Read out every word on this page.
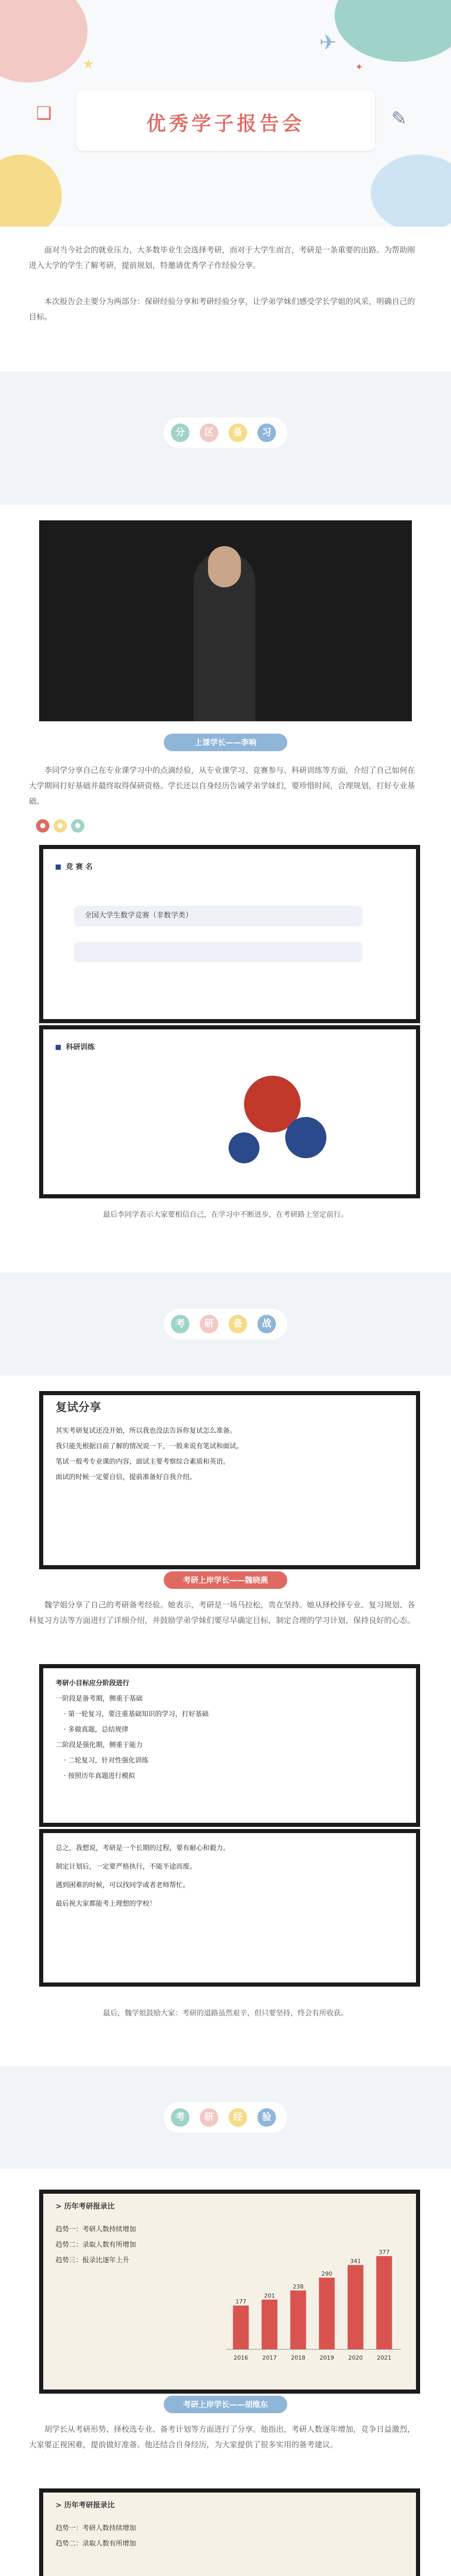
★	✦
✈
✎
❑	优秀学子报告会

面对当今社会的就业压力，大多数毕业生会选择考研，而对于大学生而言，考研是一条重要的出路。为帮助刚进入大学的学生了解考研，提前规划，特邀请优秀学子作经验分享。

本次报告会主要分为两部分：保研经验分享和考研经验分享，让学弟学妹们感受学长学姐的风采，明确自己的目标。

分	区	备	习
上课学长——李响

李同学分享自己在专业课学习中的点滴经验，从专业课学习、竞赛参与、科研训练等方面，介绍了自己如何在大学期间打好基础并最终取得保研资格。学长还以自身经历告诫学弟学妹们，要珍惜时间，合理规划，打好专业基础。

●	●	●
竞 赛 名
全国大学生数学竞赛（非数学类）
科研训练

最后李同学表示大家要相信自己，在学习中不断进步，在考研路上坚定前行。

考	研	备	战
复试分享
其实考研复试还没开始，所以我也没法告诉你复试怎么准备。
我只能先根据目前了解的情况说一下，一般来说有笔试和面试。
笔试一般考专业课的内容，面试主要考察综合素质和英语。
面试的时候一定要自信，提前准备好自我介绍。
考研上岸学长——魏晓燕

魏学姐分享了自己的考研备考经验。她表示，考研是一场马拉松，贵在坚持。她从择校择专业、复习规划、各科复习方法等方面进行了详细介绍，并鼓励学弟学妹们要尽早确定目标，制定合理的学习计划，保持良好的心态。

考研小目标应分阶段进行
一阶段是备考期，侧重于基础
· 第一轮复习，要注重基础知识的学习，打好基础
· 多做真题，总结规律
二阶段是强化期，侧重于能力
· 二轮复习，针对性强化训练
· 按照历年真题进行模拟
总之，我想说，考研是一个长期的过程，要有耐心和毅力。
制定计划后，一定要严格执行，不能半途而废。
遇到困难的时候，可以找同学或者老师帮忙。
最后祝大家都能考上理想的学校！

最后，魏学姐鼓励大家：考研的道路虽然艰辛，但只要坚持，终会有所收获。

考	研	经	验
> 历年考研报录比
趋势一：考研人数持续增加
趋势二：录取人数有所增加
趋势三：报录比逐年上升
177
2016
201
2017
238
2018
290
2019
341
2020
377
2021
考研上岸学长——胡维东

胡学长从考研形势、择校选专业、备考计划等方面进行了分享。他指出，考研人数逐年增加，竞争日益激烈，大家要正视困难，提前做好准备。他还结合自身经历，为大家提供了很多实用的备考建议。

> 历年考研报录比
趋势一：考研人数持续增加
趋势二：录取人数有所增加
